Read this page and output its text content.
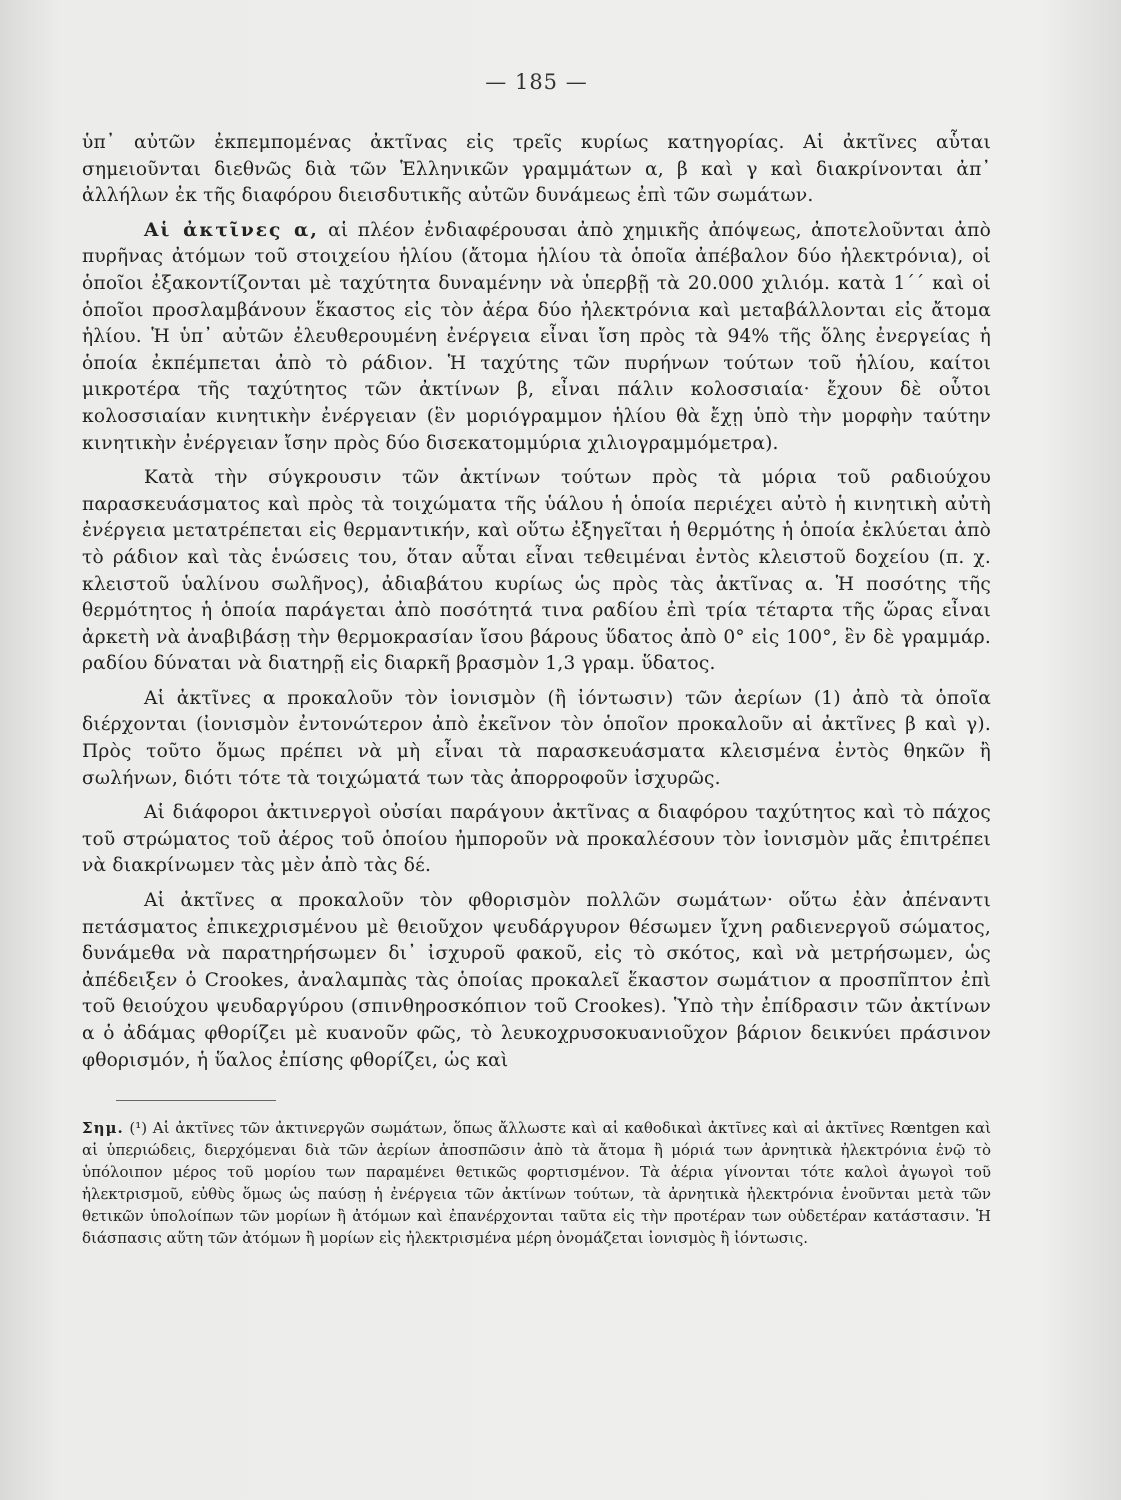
— 185 —

ὑπ᾽ αὐτῶν ἐκπεμπομένας ἀκτῖνας εἰς τρεῖς κυρίως κατηγορίας. Αἱ ἀκτῖνες αὗται σημειοῦνται διεθνῶς διὰ τῶν Ἑλληνικῶν γραμμάτων α, β καὶ γ καὶ διακρίνονται ἀπ᾽ ἀλλήλων ἐκ τῆς διαφόρου διεισδυτικῆς αὐτῶν δυνάμεως ἐπὶ τῶν σωμάτων.

Αἱ ἀκτῖνες α, αἱ πλέον ἐνδιαφέρουσαι ἀπὸ χημικῆς ἀπόψεως, ἀποτελοῦνται ἀπὸ πυρῆνας ἀτόμων τοῦ στοιχείου ἡλίου (ἄτομα ἡλίου τὰ ὁποῖα ἀπέβαλον δύο ἠλεκτρόνια), οἱ ὁποῖοι ἐξακοντίζονται μὲ ταχύτητα δυναμένην νὰ ὑπερβῇ τὰ 20.000 χιλιόμ. κατὰ 1΄΄ καὶ οἱ ὁποῖοι προσλαμβάνουν ἕκαστος εἰς τὸν ἀέρα δύο ἠλεκτρόνια καὶ μεταβάλλονται εἰς ἄτομα ἡλίου. Ἡ ὑπ᾽ αὐτῶν ἐλευθερουμένη ἐνέργεια εἶναι ἴση πρὸς τὰ 94% τῆς ὅλης ἐνεργείας ἡ ὁποία ἐκπέμπεται ἀπὸ τὸ ράδιον. Ἡ ταχύτης τῶν πυρήνων τούτων τοῦ ἡλίου, καίτοι μικροτέρα τῆς ταχύτητος τῶν ἀκτίνων β, εἶναι πάλιν κολοσσιαία· ἔχουν δὲ οὗτοι κολοσσιαίαν κινητικὴν ἐνέργειαν (ἓν μοριόγραμμον ἡλίου θὰ ἔχῃ ὑπὸ τὴν μορφὴν ταύτην κινητικὴν ἐνέργειαν ἴσην πρὸς δύο δισεκατομμύρια χιλιογραμμόμετρα).

Κατὰ τὴν σύγκρουσιν τῶν ἀκτίνων τούτων πρὸς τὰ μόρια τοῦ ραδιούχου παρασκευάσματος καὶ πρὸς τὰ τοιχώματα τῆς ὑάλου ἡ ὁποία περιέχει αὐτὸ ἡ κινητικὴ αὐτὴ ἐνέργεια μετατρέπεται εἰς θερμαντικήν, καὶ οὕτω ἐξηγεῖται ἡ θερμότης ἡ ὁποία ἐκλύεται ἀπὸ τὸ ράδιον καὶ τὰς ἑνώσεις του, ὅταν αὗται εἶναι τεθειμέναι ἐντὸς κλειστοῦ δοχείου (π. χ. κλειστοῦ ὑαλίνου σωλῆνος), ἀδιαβάτου κυρίως ὡς πρὸς τὰς ἀκτῖνας α. Ἡ ποσότης τῆς θερμότητος ἡ ὁποία παράγεται ἀπὸ ποσότητά τινα ραδίου ἐπὶ τρία τέταρτα τῆς ὥρας εἶναι ἀρκετὴ νὰ ἀναβιβάσῃ τὴν θερμοκρασίαν ἴσου βάρους ὕδατος ἀπὸ 0° εἰς 100°, ἓν δὲ γραμμάρ. ραδίου δύναται νὰ διατηρῇ εἰς διαρκῆ βρασμὸν 1,3 γραμ. ὕδατος.

Αἱ ἀκτῖνες α προκαλοῦν τὸν ἰονισμὸν (ἢ ἰόντωσιν) τῶν ἀερίων (1) ἀπὸ τὰ ὁποῖα διέρχονται (ἰονισμὸν ἐντονώτερον ἀπὸ ἐκεῖνον τὸν ὁποῖον προκαλοῦν αἱ ἀκτῖνες β καὶ γ). Πρὸς τοῦτο ὅμως πρέπει νὰ μὴ εἶναι τὰ παρασκευάσματα κλεισμένα ἐντὸς θηκῶν ἢ σωλήνων, διότι τότε τὰ τοιχώματά των τὰς ἀπορροφοῦν ἰσχυρῶς.

Αἱ διάφοροι ἀκτινεργοὶ οὐσίαι παράγουν ἀκτῖνας α διαφόρου ταχύτητος καὶ τὸ πάχος τοῦ στρώματος τοῦ ἀέρος τοῦ ὁποίου ἠμποροῦν νὰ προκαλέσουν τὸν ἰονισμὸν μᾶς ἐπιτρέπει νὰ διακρίνωμεν τὰς μὲν ἀπὸ τὰς δέ.

Αἱ ἀκτῖνες α προκαλοῦν τὸν φθορισμὸν πολλῶν σωμάτων· οὕτω ἐὰν ἀπέναντι πετάσματος ἐπικεχρισμένου μὲ θειοῦχον ψευδάργυρον θέσωμεν ἴχνη ραδιενεργοῦ σώματος, δυνάμεθα νὰ παρατηρήσωμεν δι᾽ ἰσχυροῦ φακοῦ, εἰς τὸ σκότος, καὶ νὰ μετρήσωμεν, ὡς ἀπέδειξεν ὁ Crookes, ἀναλαμπὰς τὰς ὁποίας προκαλεῖ ἕκαστον σωμάτιον α προσπῖπτον ἐπὶ τοῦ θειούχου ψευδαργύρου (σπινθηροσκόπιον τοῦ Crookes). Ὑπὸ τὴν ἐπίδρασιν τῶν ἀκτίνων α ὁ ἀδάμας φθορίζει μὲ κυανοῦν φῶς, τὸ λευκοχρυσοκυανιοῦχον βάριον δεικνύει πράσινον φθορισμόν, ἡ ὕαλος ἐπίσης φθορίζει, ὡς καὶ

Σημ. (¹) Αἱ ἀκτῖνες τῶν ἀκτινεργῶν σωμάτων, ὅπως ἄλλωστε καὶ αἱ καθοδικαὶ ἀκτῖνες καὶ αἱ ἀκτῖνες Rœntgen καὶ αἱ ὑπεριώδεις, διερχόμεναι διὰ τῶν ἀερίων ἀποσπῶσιν ἀπὸ τὰ ἄτομα ἢ μόριά των ἀρνητικὰ ἠλεκτρόνια ἐνῷ τὸ ὑπόλοιπον μέρος τοῦ μορίου των παραμένει θετικῶς φορτισμένον. Τὰ ἀέρια γίνονται τότε καλοὶ ἀγωγοὶ τοῦ ἠλεκτρισμοῦ, εὐθὺς ὅμως ὡς παύσῃ ἡ ἐνέργεια τῶν ἀκτίνων τούτων, τὰ ἀρνητικὰ ἠλεκτρόνια ἑνοῦνται μετὰ τῶν θετικῶν ὑπολοίπων τῶν μορίων ἢ ἀτόμων καὶ ἐπανέρχονται ταῦτα εἰς τὴν προτέραν των οὐδετέραν κατάστασιν. Ἡ διάσπασις αὕτη τῶν ἀτόμων ἢ μορίων εἰς ἠλεκτρισμένα μέρη ὀνομάζεται ἰονισμὸς ἢ ἰόντωσις.
